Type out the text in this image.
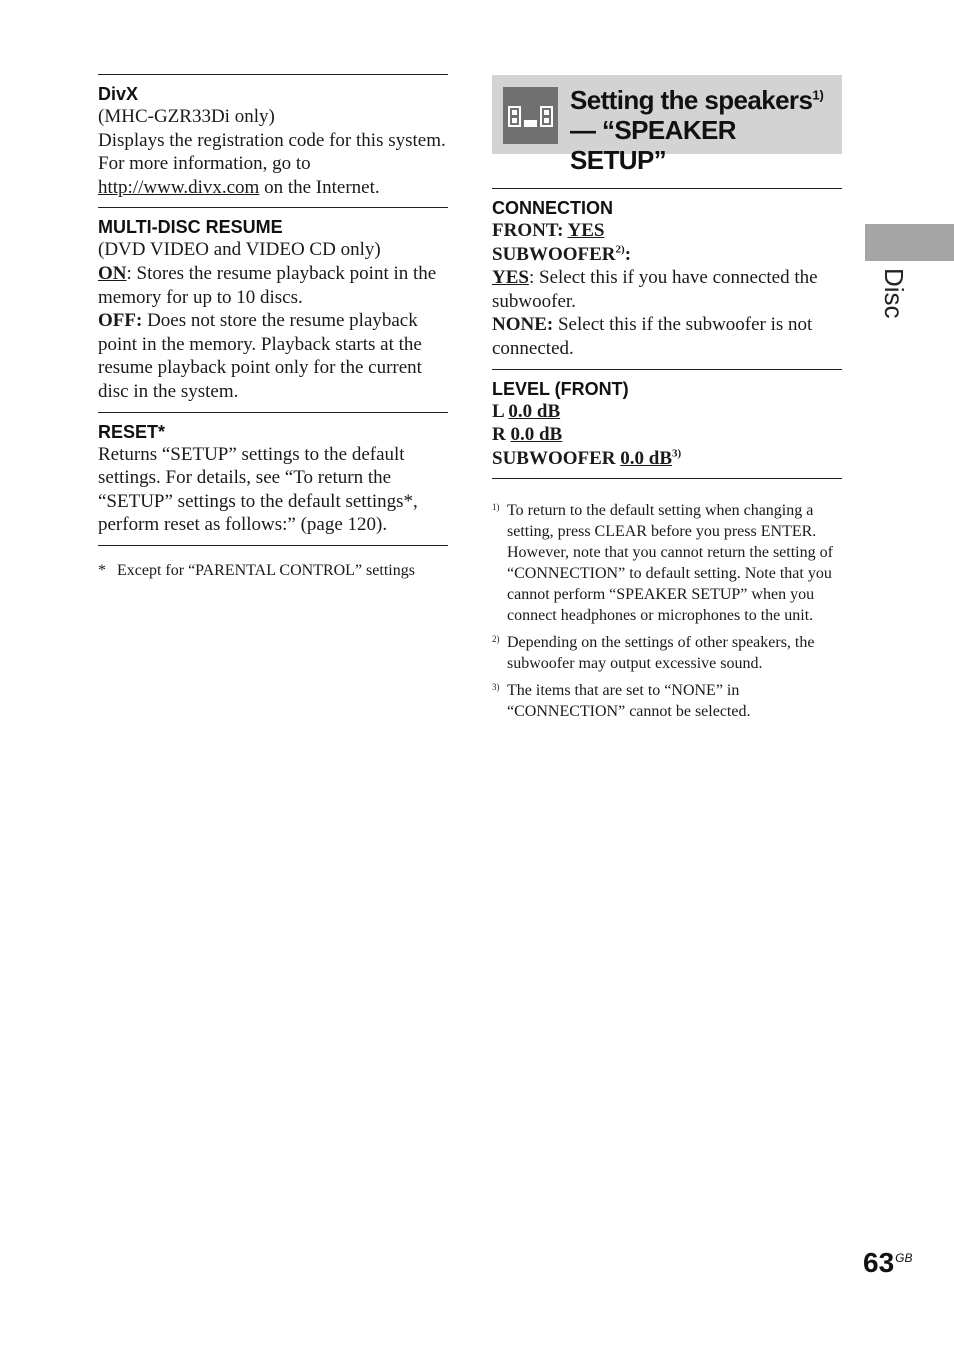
DivX
(MHC-GZR33Di only)
Displays the registration code for this system.
For more information, go to http://www.divx.com on the Internet.
MULTI-DISC RESUME
(DVD VIDEO and VIDEO CD only)
ON: Stores the resume playback point in the memory for up to 10 discs.
OFF: Does not store the resume playback point in the memory. Playback starts at the resume playback point only for the current disc in the system.
RESET*
Returns “SETUP” settings to the default settings. For details, see “To return the “SETUP” settings to the default settings*, perform reset as follows:” (page 120).
* Except for “PARENTAL CONTROL” settings
Setting the speakers$^{1)}$
— “SPEAKER SETUP”
CONNECTION
FRONT: YES
SUBWOOFER$^{2)}$:
YES: Select this if you have connected the subwoofer.
NONE: Select this if the subwoofer is not connected.
LEVEL (FRONT)
L 0.0 dB
R 0.0 dB
SUBWOOFER 0.0 $dB^{3)}$
1) To return to the default setting when changing a setting, press CLEAR before you press ENTER. However, note that you cannot return the setting of “CONNECTION” to default setting. Note that you cannot perform “SPEAKER SETUP” when you connect headphones or microphones to the unit.
2) Depending on the settings of other speakers, the subwoofer may output excessive sound.
3) The items that are set to “NONE” in “CONNECTION” cannot be selected.
Disc
$63^{GB}$
